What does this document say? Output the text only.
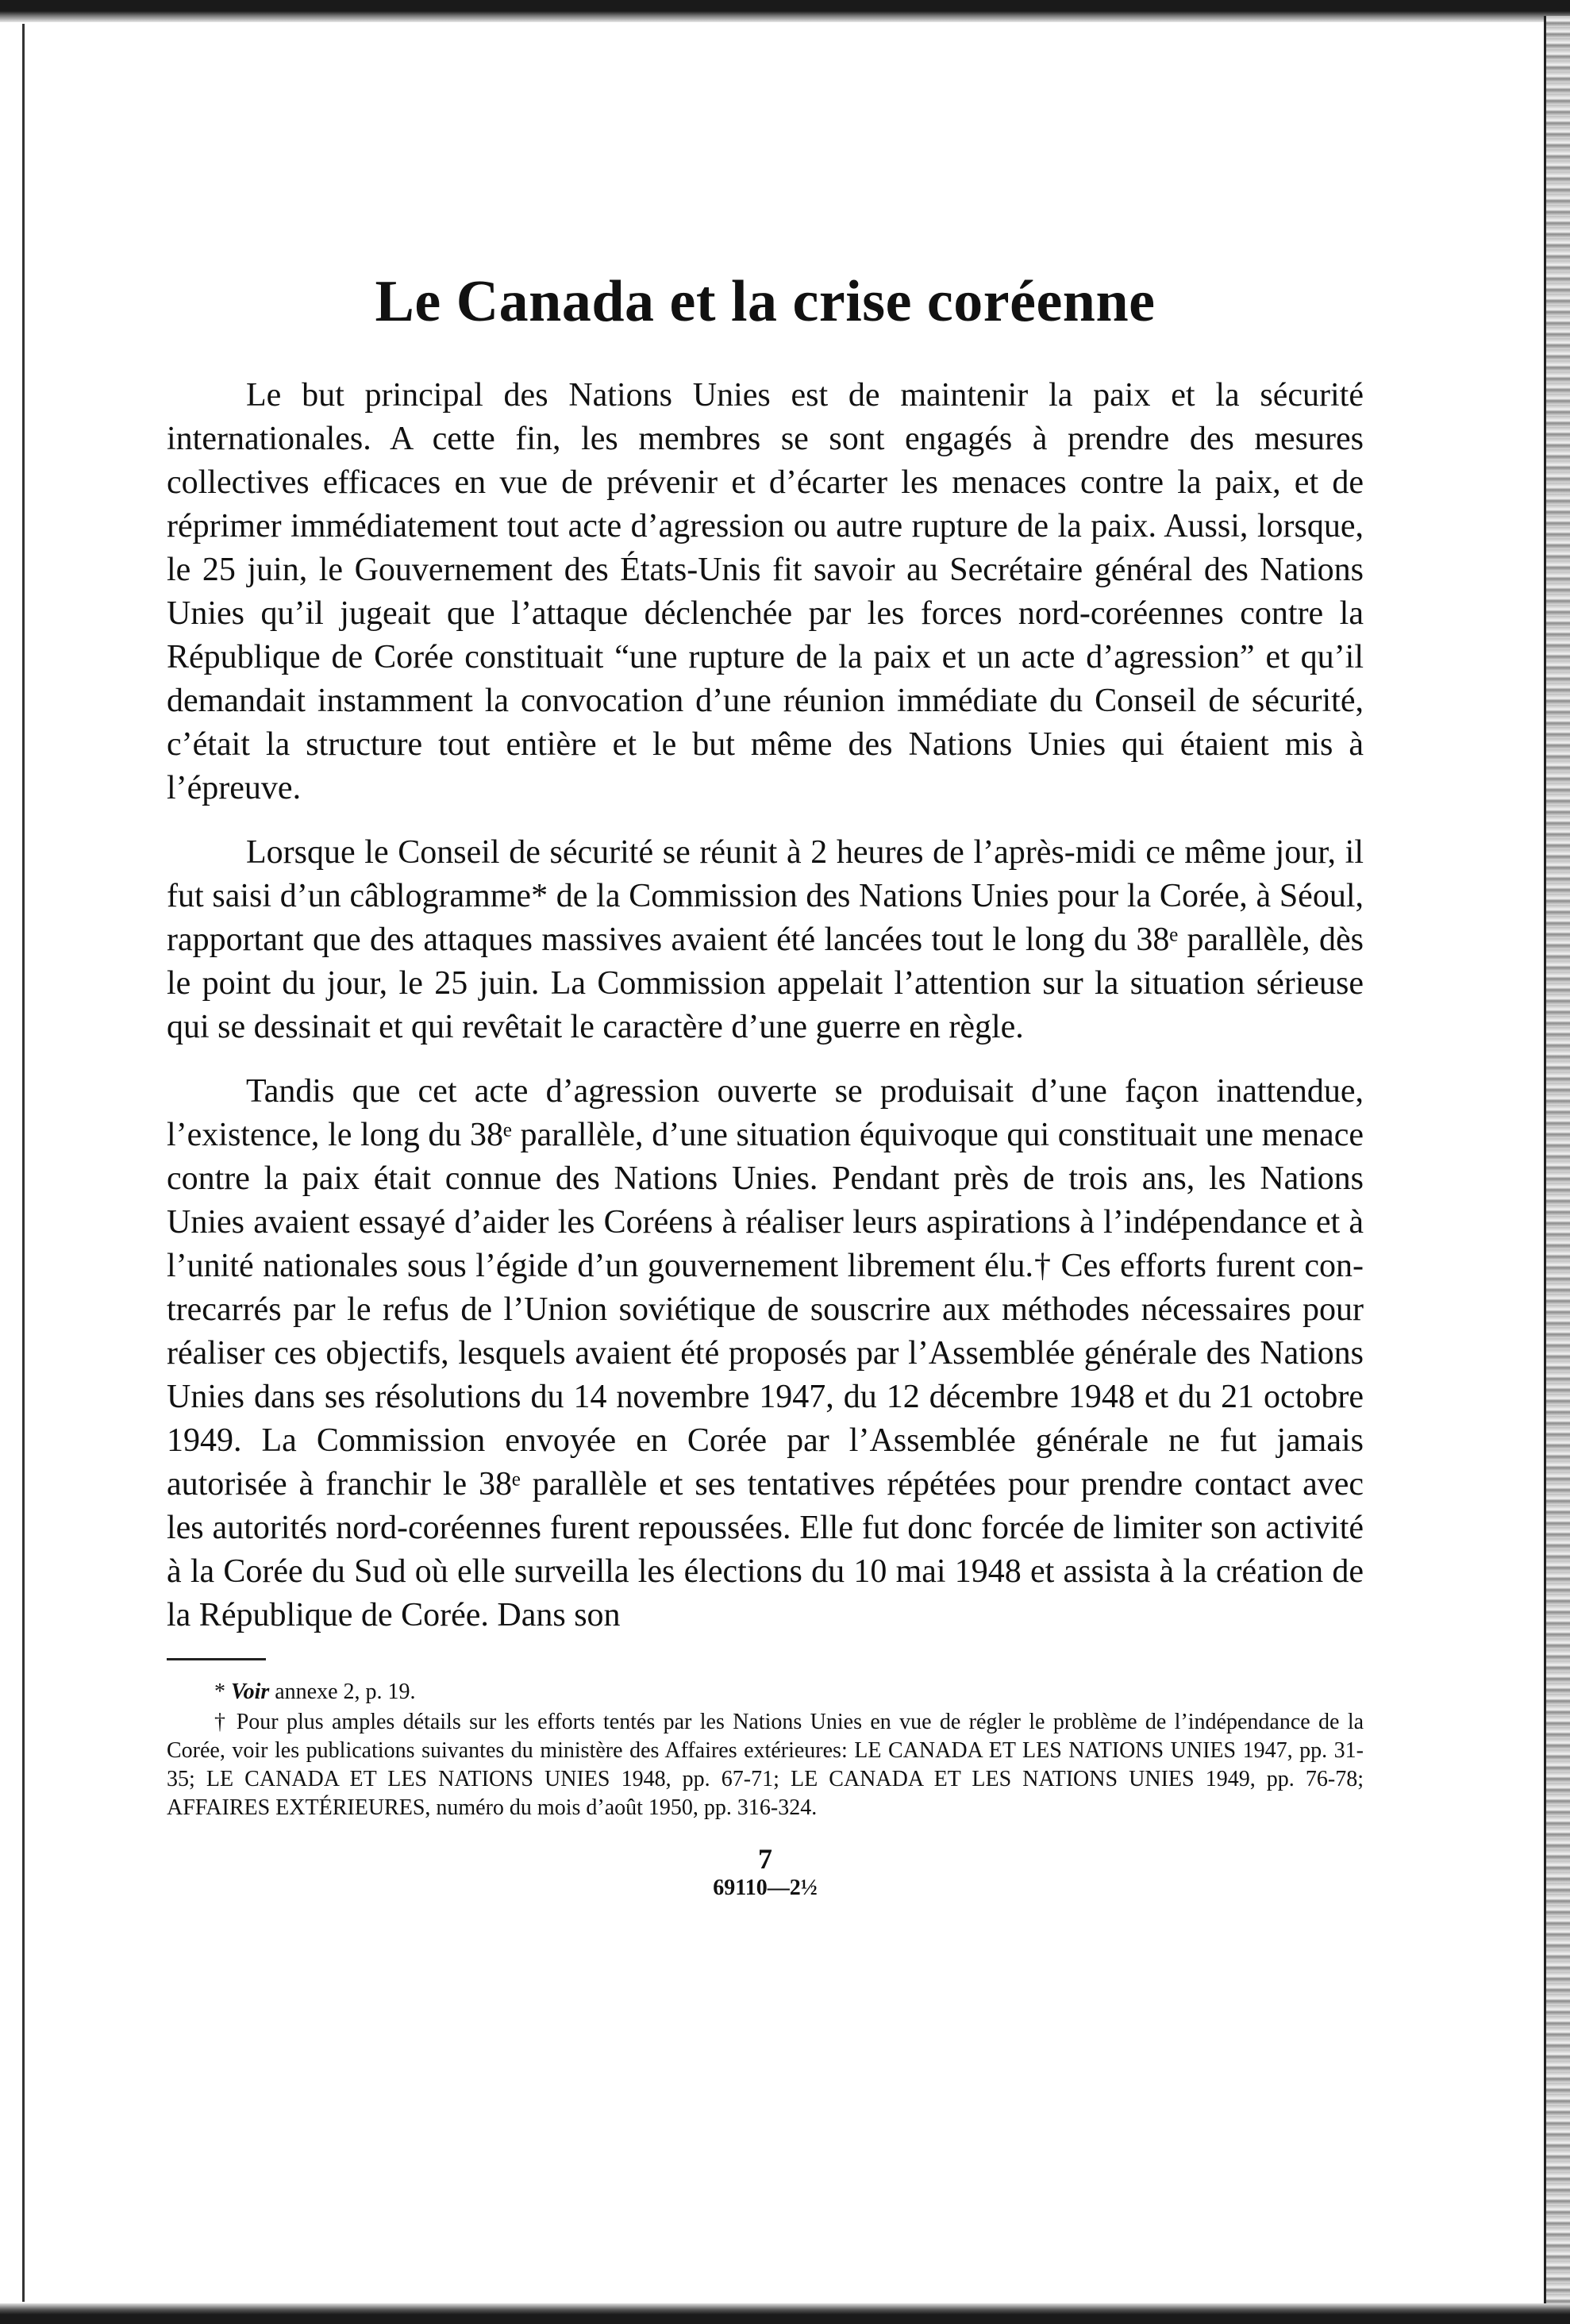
Le Canada et la crise coréenne

Le but principal des Nations Unies est de maintenir la paix et la sécurité internationales. A cette fin, les membres se sont engagés à prendre des mesures collectives efficaces en vue de prévenir et d’écarter les menaces contre la paix, et de réprimer immédiatement tout acte d’agression ou autre rupture de la paix. Aussi, lorsque, le 25 juin, le Gouvernement des États-Unis fit savoir au Secrétaire général des Nations Unies qu’il jugeait que l’attaque déclenchée par les forces nord-coréennes contre la République de Corée constituait “une rupture de la paix et un acte d’agression” et qu’il demandait instamment la convocation d’une réunion immédiate du Conseil de sécurité, c’était la structure tout entière et le but même des Nations Unies qui étaient mis à l’épreuve.

Lorsque le Conseil de sécurité se réunit à 2 heures de l’après-midi ce même jour, il fut saisi d’un câblogramme* de la Commission des Nations Unies pour la Corée, à Séoul, rapportant que des attaques massives avaient été lancées tout le long du 38ᵉ parallèle, dès le point du jour, le 25 juin. La Commission appelait l’attention sur la situation sérieuse qui se dessinait et qui revêtait le caractère d’une guerre en règle.

Tandis que cet acte d’agression ouverte se produisait d’une façon inattendue, l’existence, le long du 38ᵉ parallèle, d’une situation équivoque qui constituait une menace contre la paix était connue des Nations Unies. Pendant près de trois ans, les Nations Unies avaient essayé d’aider les Coréens à réaliser leurs aspirations à l’indépendance et à l’unité nationales sous l’égide d’un gouvernement librement élu.† Ces efforts furent contrecarrés par le refus de l’Union soviétique de souscrire aux méthodes nécessaires pour réaliser ces objectifs, lesquels avaient été proposés par l’Assemblée générale des Nations Unies dans ses résolutions du 14 novembre 1947, du 12 décembre 1948 et du 21 octobre 1949. La Commission envoyée en Corée par l’Assemblée générale ne fut jamais autorisée à franchir le 38ᵉ parallèle et ses tentatives répétées pour prendre contact avec les autorités nord-coréennes furent repoussées. Elle fut donc forcée de limiter son activité à la Corée du Sud où elle surveilla les élections du 10 mai 1948 et assista à la création de la République de Corée. Dans son

* Voir annexe 2, p. 19.

† Pour plus amples détails sur les efforts tentés par les Nations Unies en vue de régler le problème de l’indépendance de la Corée, voir les publications suivantes du ministère des Affaires extérieures: LE CANADA ET LES NATIONS UNIES 1947, pp. 31-35; LE CANADA ET LES NATIONS UNIES 1948, pp. 67-71; LE CANADA ET LES NATIONS UNIES 1949, pp. 76-78; AFFAIRES EXTÉRIEURES, numéro du mois d’août 1950, pp. 316-324.

7
69110—2½
